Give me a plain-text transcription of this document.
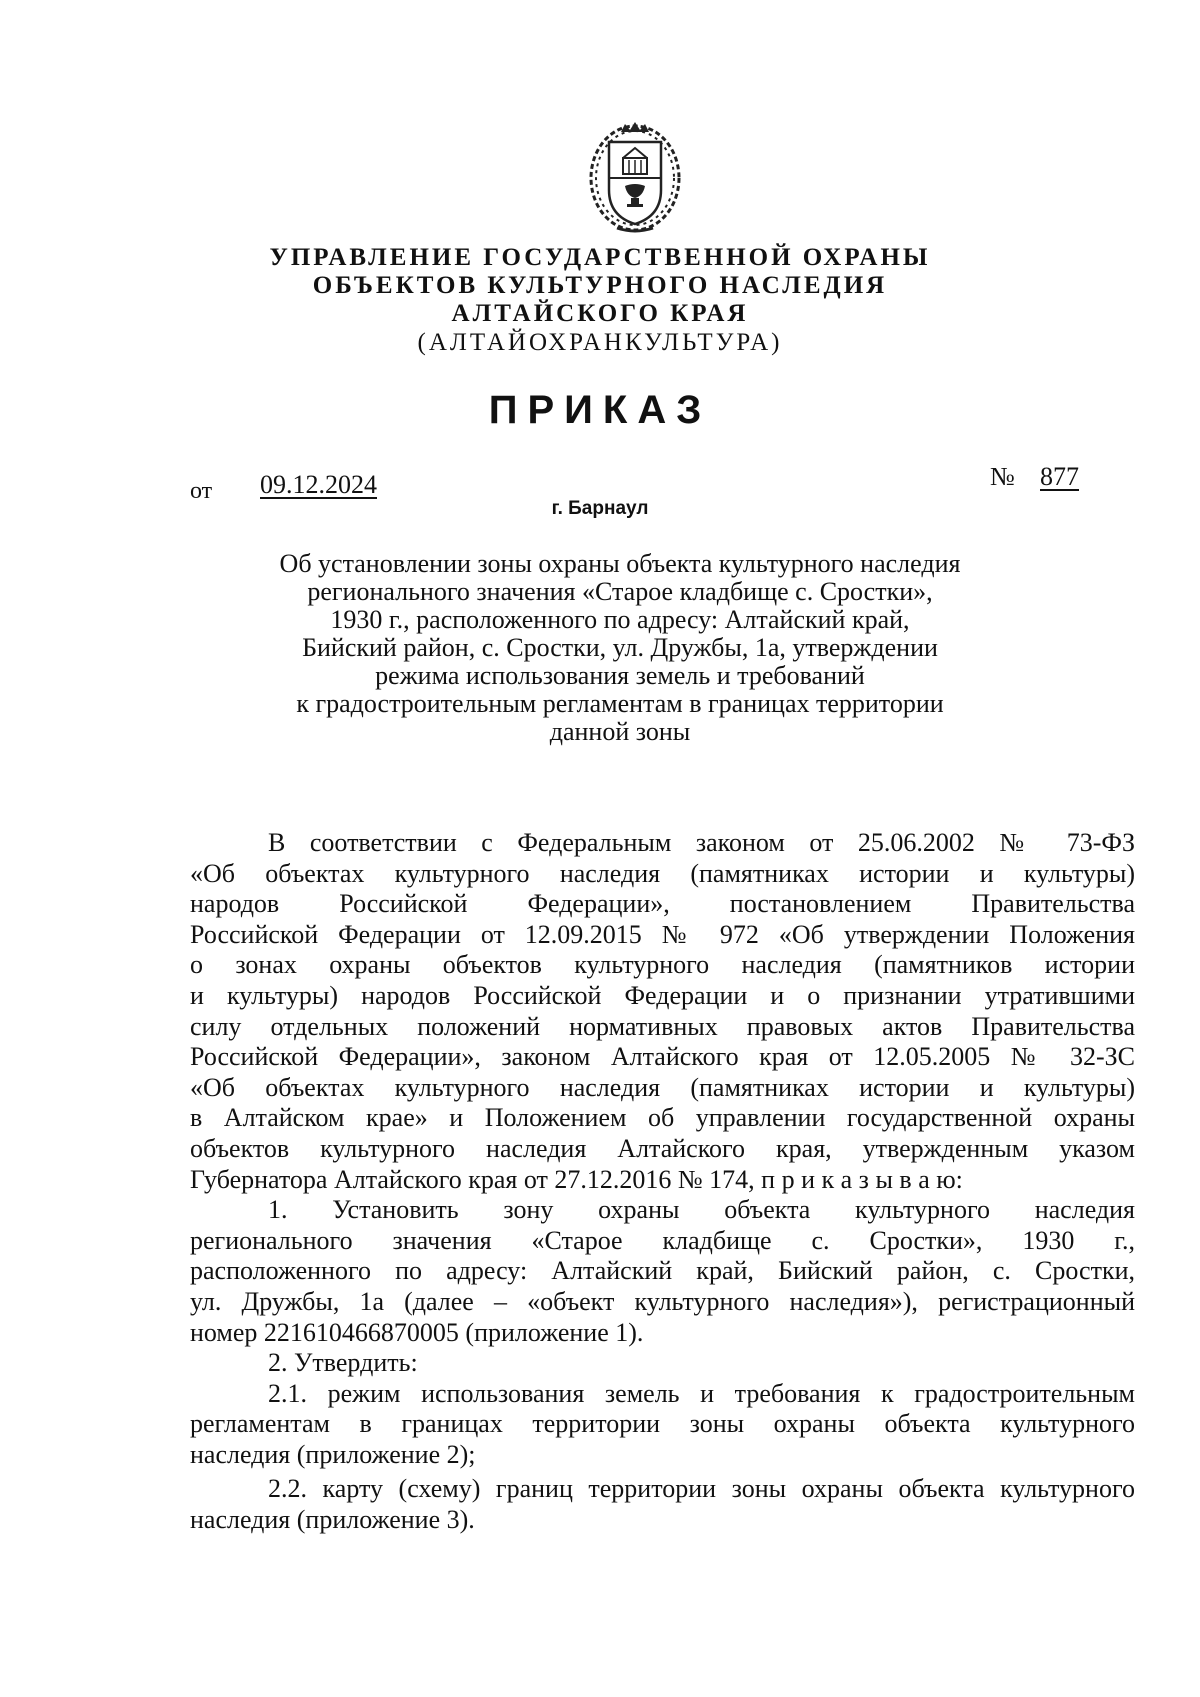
УПРАВЛЕНИЕ ГОСУДАРСТВЕННОЙ ОХРАНЫ
ОБЪЕКТОВ КУЛЬТУРНОГО НАСЛЕДИЯ
АЛТАЙСКОГО КРАЯ
(АЛТАЙОХРАНКУЛЬТУРА)
ПРИКАЗ
от	09.12.2024	№ 877
г. Барнаул
Об установлении зоны охраны объекта культурного наследия
регионального значения «Старое кладбище с. Сростки»,
1930 г., расположенного по адресу: Алтайский край,
Бийский район, с. Сростки, ул. Дружбы, 1а, утверждении
режима использования земель и требований
к градостроительным регламентам в границах территории
данной зоны
В соответствии с Федеральным законом от 25.06.2002 № 73-ФЗ
«Об объектах культурного наследия (памятниках истории и культуры)
народов Российской Федерации», постановлением Правительства
Российской Федерации от 12.09.2015 № 972 «Об утверждении Положения
о зонах охраны объектов культурного наследия (памятников истории
и культуры) народов Российской Федерации и о признании утратившими
силу отдельных положений нормативных правовых актов Правительства
Российской Федерации», законом Алтайского края от 12.05.2005 № 32-ЗС
«Об объектах культурного наследия (памятниках истории и культуры)
в Алтайском крае» и Положением об управлении государственной охраны
объектов культурного наследия Алтайского края, утвержденным указом
Губернатора Алтайского края от 27.12.2016 № 174, п р и к а з ы в а ю:
1. Установить зону охраны объекта культурного наследия
регионального значения «Старое кладбище с. Сростки», 1930 г.,
расположенного по адресу: Алтайский край, Бийский район, с. Сростки,
ул. Дружбы, 1а (далее – «объект культурного наследия»), регистрационный
номер 221610466870005 (приложение 1).
2. Утвердить:
2.1. режим использования земель и требования к градостроительным
регламентам в границах территории зоны охраны объекта культурного
наследия (приложение 2);
2.2. карту (схему) границ территории зоны охраны объекта культурного
наследия (приложение 3).
